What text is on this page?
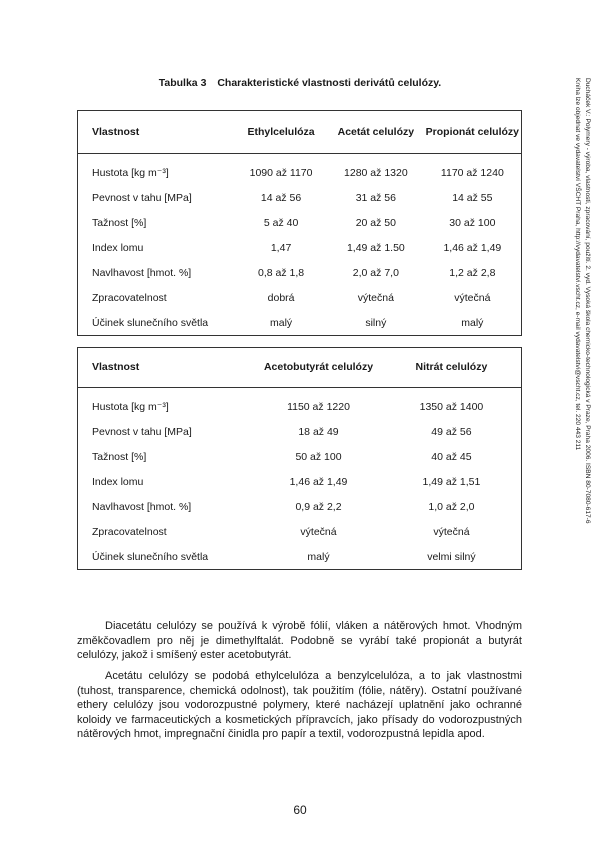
Tabulka 3 Charakteristické vlastnosti derivátů celulózy.
Vlastnost	Ethylcelulóza	Acetát celulózy	Propionát celulózy
Hustota [kg m⁻³]	1090 až 1170	1280 až 1320	1170 až 1240
Pevnost v tahu [MPa]	14 až 56	31 až 56	14 až 55
Tažnost [%]	5 až 40	20 až 50	30 až 100
Index lomu	1,47	1,49 až 1.50	1,46 až 1,49
Navlhavost [hmot. %]	0,8 až 1,8	2,0 až 7,0	1,2 až 2,8
Zpracovatelnost	dobrá	výtečná	výtečná
Účinek slunečního světla	malý	silný	malý
Vlastnost	Acetobutyrát celulózy	Nitrát celulózy
Hustota [kg m⁻³]	1150 až 1220	1350 až 1400
Pevnost v tahu [MPa]	18 až 49	49 až 56
Tažnost [%]	50 až 100	40 až 45
Index lomu	1,46 až 1,49	1,49 až 1,51
Navlhavost [hmot. %]	0,9 až 2,2	1,0 až 2,0
Zpracovatelnost	výtečná	výtečná
Účinek slunečního světla	malý	velmi silný

Diacetátu celulózy se používá k výrobě fólií, vláken a nátěrových hmot. Vhodným změkčovadlem pro něj je dimethylftalát. Podobně se vyrábí také propionát a butyrát celulózy, jakož i smíšený ester acetobutyrát.

Acetátu celulózy se podobá ethylcelulóza a benzylcelulóza, a to jak vlastnostmi (tuhost, transparence, chemická odolnost), tak použitím (fólie, nátěry). Ostatní používané ethery celulózy jsou vodorozpustné polymery, které nacházejí uplatnění jako ochranné koloidy ve farmaceutických a kosmetických přípravcích, jako přísady do vodorozpustných nátěrových hmot, impregnační činidla pro papír a textil, vodorozpustná lepidla apod.

60
Ducháček V.: Polymery - výroba, vlastnosti, zpracování, použití. 2. vyd. Vysoká škola chemicko-technologická v Praze, Praha 2006. ISBN 80-7080-617-6
Kniha lze objednat ve vydavatelství VŠCHT Praha, http://vydavatelstvi.vscht.cz, e-mail vydavatelstvi@vscht.cz, tel. 220 443 211
